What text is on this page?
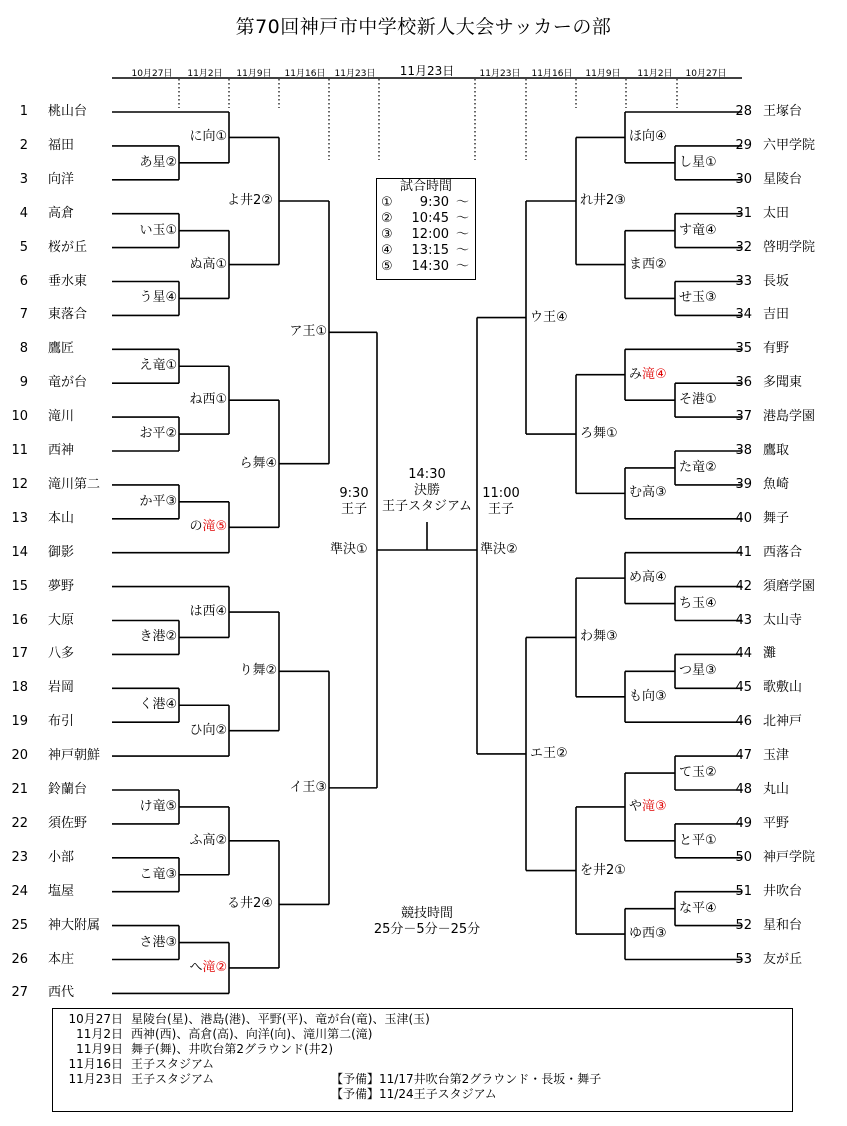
第70回神戸市中学校新人大会サッカーの部
10月27日 11月2日 11月9日 11月16日 11月23日	11月23日 11月16日 11月9日 11月2日 10月27日
11月23日
1 桃山台
2 福田
3 向洋
4 高倉
5 桜が丘
6 垂水東
7 東落合
8 鷹匠
9 竜が台
10 滝川
11 西神
12 滝川第二
13 本山
14 御影
15 夢野
16 大原
17 八多
18 岩岡
19 布引
20 神戸朝鮮
21 鈴蘭台
22 須佐野
23 小部
24 塩屋
25 神大附属
26 本庄
27 西代
あ星②
い玉①
う星④
え竜①
お平②
か平③
き港②
く港④
け竜⑤
こ竜③
さ港③
に向①
ぬ高①
ね西①
の滝⑤
は西④
ひ向②
ふ高②
へ滝②
よ井2②
ら舞④
り舞②
る井2④
ア王①
イ王③
準決①
28 王塚台
29 六甲学院
30 星陵台
31 太田
32 啓明学院
33 長坂
34 吉田
35 有野
36 多聞東
37 港島学園
38 鷹取
39 魚崎
40 舞子
41 西落合
42 須磨学園
43 太山寺
44 灘
45 歌敷山
46 北神戸
47 玉津
48 丸山
49 平野
50 神戸学院
51 井吹台
52 星和台
53 友が丘
し星①
す竜④
せ玉③
そ港①
た竜②
ち玉④
つ星③
て玉②
と平①
な平④
ほ向④
ま西②
み滝④
む高③
め高④
も向③
や滝③
ゆ西③
れ井2③
ろ舞①
わ舞③
を井2①
ウ王④
エ王②
準決②
試合時間
① 9:30 ～
② 10:45 ～
③ 12:00 ～
④ 13:15 ～
⑤ 14:30 ～
14:30
決勝
王子スタジアム
9:30
王子
11:00
王子
競技時間
25分－5分－25分
10月27日 星陵台(星)、港島(港)、平野(平)、竜が台(竜)、玉津(玉)
11月2日 西神(西)、高倉(高)、向洋(向)、滝川第二(滝)
11月9日 舞子(舞)、井吹台第2グラウンド(井2)
11月16日 王子スタジアム
11月23日 王子スタジアム	【予備】11/17井吹台第2グラウンド・長坂・舞子
【予備】11/24王子スタジアム
